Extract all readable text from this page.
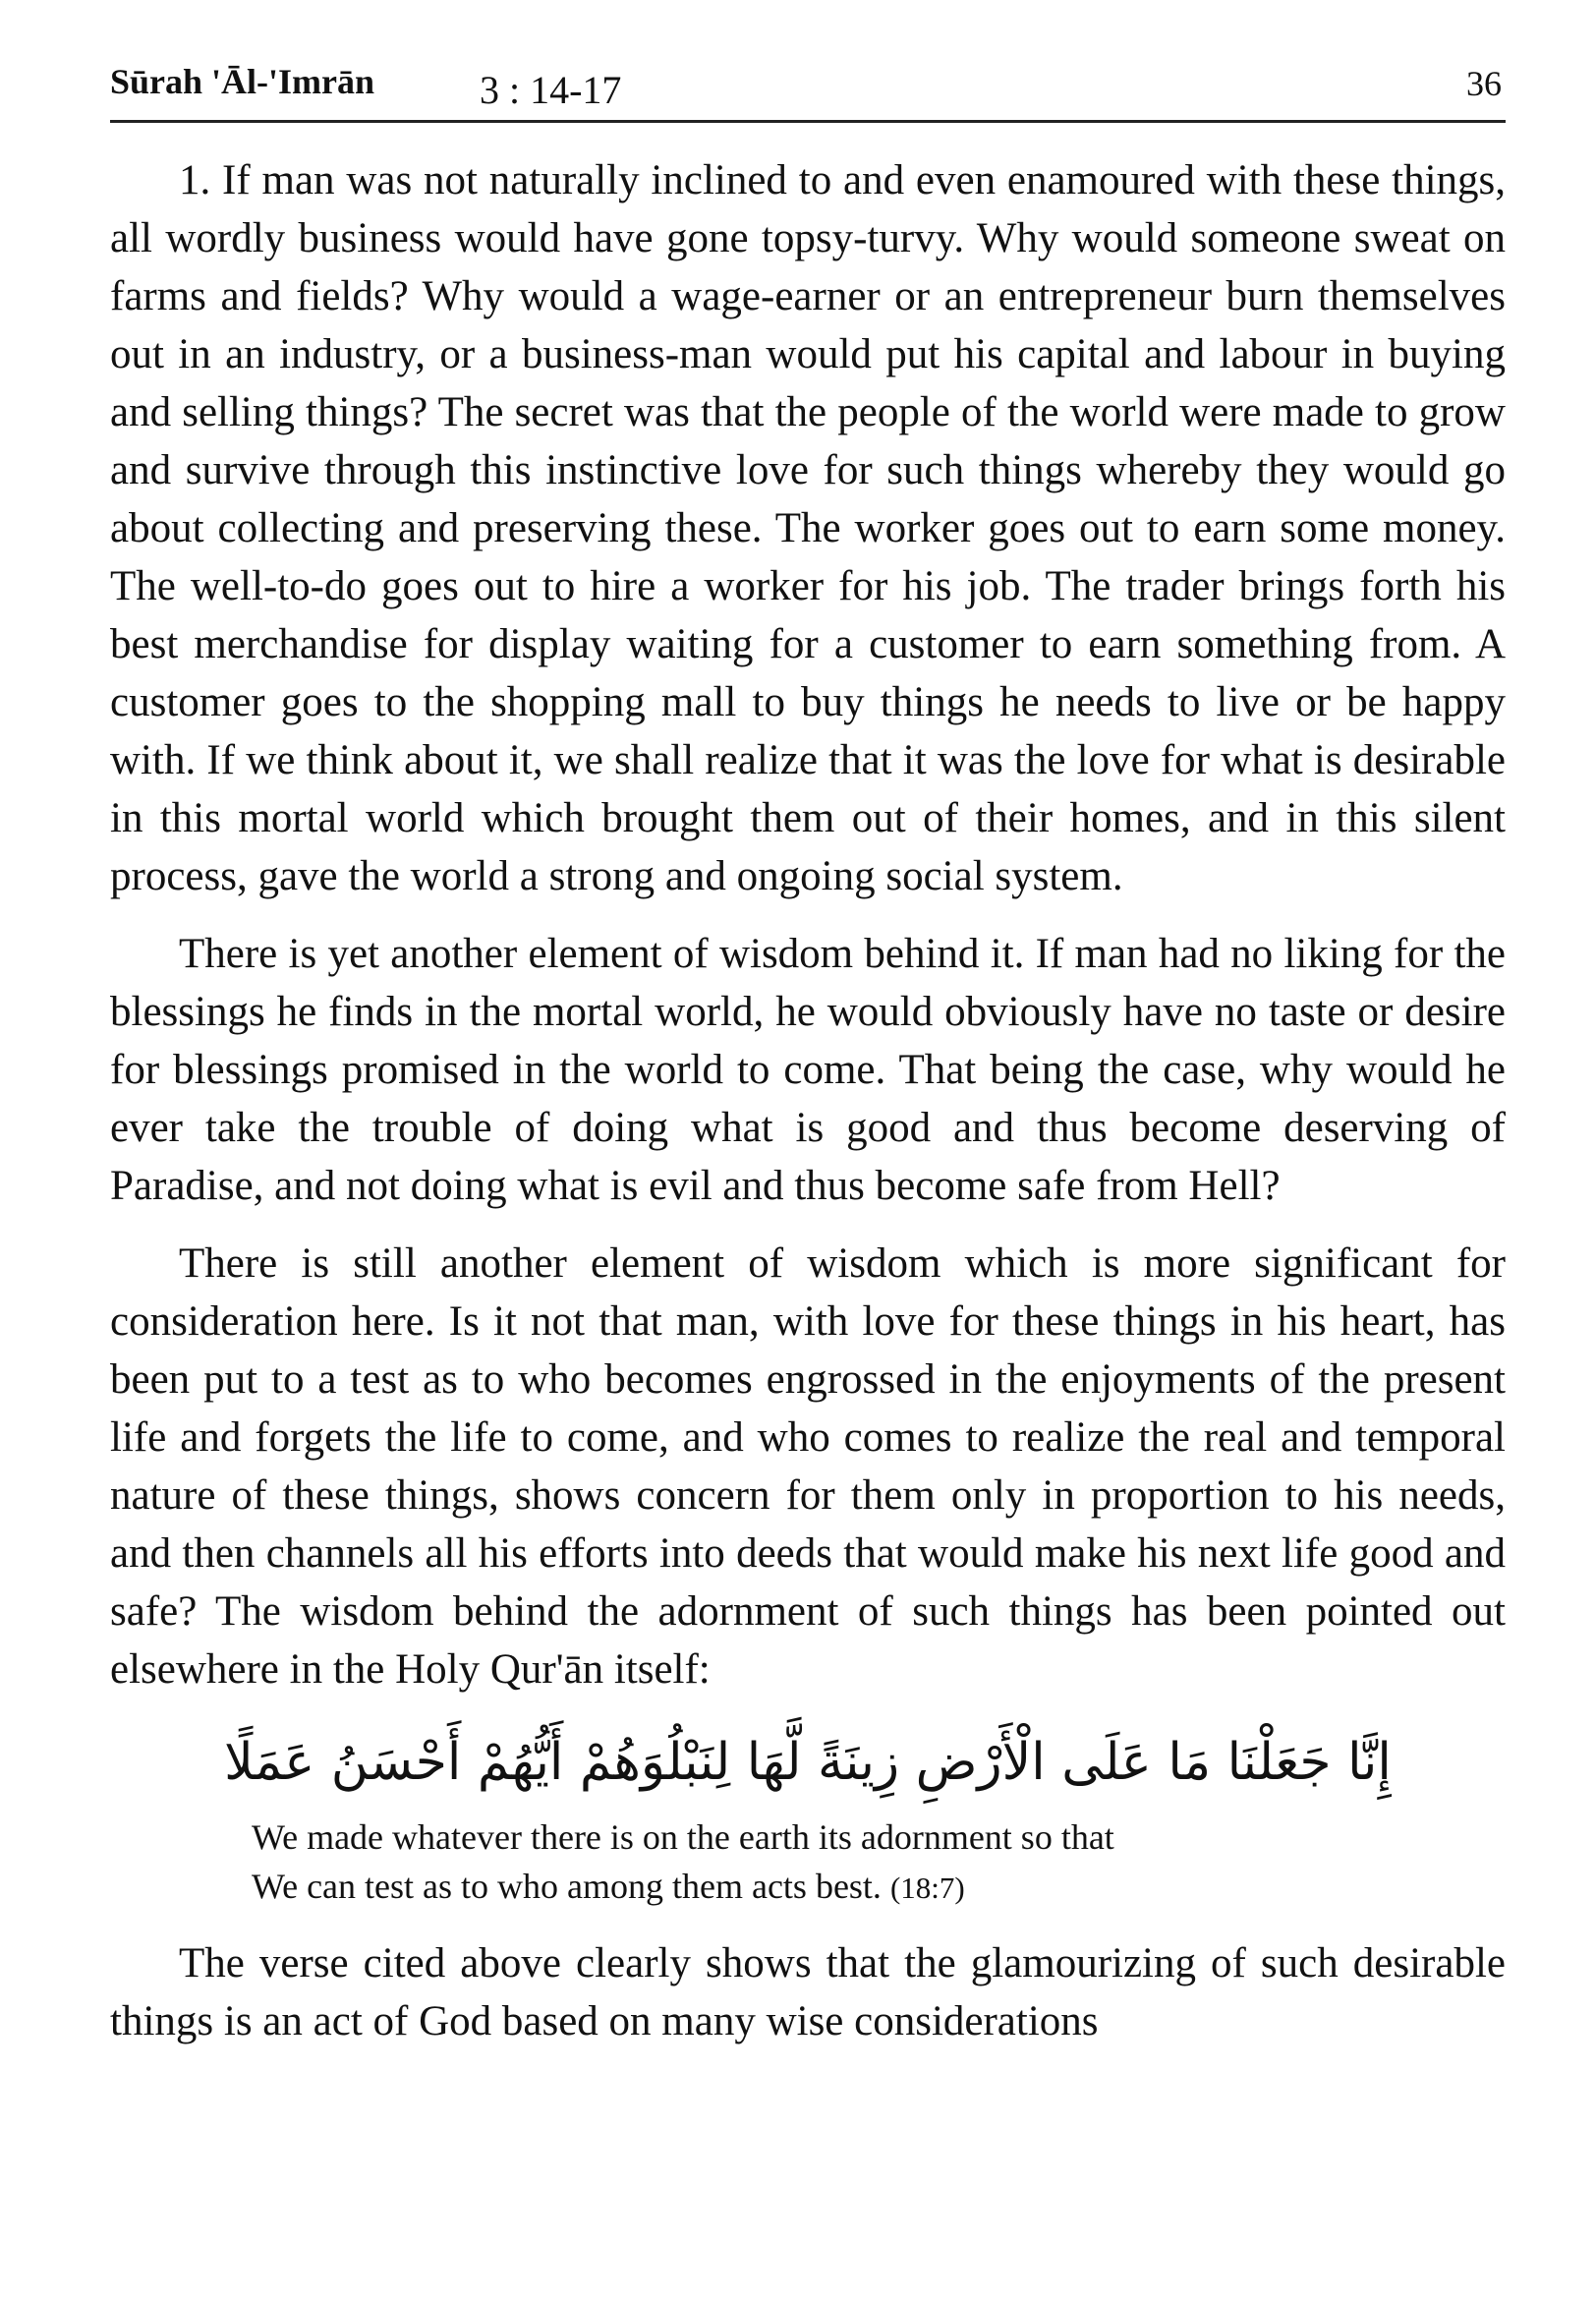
Sūrah 'Āl-'Imrān	3 : 14-17	36

1. If man was not naturally inclined to and even enamoured with these things, all wordly business would have gone topsy-turvy. Why would someone sweat on farms and fields? Why would a wage-earner or an entrepreneur burn themselves out in an industry, or a business-man would put his capital and labour in buying and selling things? The secret was that the people of the world were made to grow and survive through this instinctive love for such things whereby they would go about collecting and preserving these. The worker goes out to earn some money. The well-to-do goes out to hire a worker for his job. The trader brings forth his best merchandise for display waiting for a customer to earn something from. A customer goes to the shopping mall to buy things he needs to live or be happy with. If we think about it, we shall realize that it was the love for what is desirable in this mortal world which brought them out of their homes, and in this silent process, gave the world a strong and ongoing social system.

There is yet another element of wisdom behind it. If man had no liking for the blessings he finds in the mortal world, he would obviously have no taste or desire for blessings promised in the world to come. That being the case, why would he ever take the trouble of doing what is good and thus become deserving of Paradise, and not doing what is evil and thus become safe from Hell?

There is still another element of wisdom which is more significant for consideration here. Is it not that man, with love for these things in his heart, has been put to a test as to who becomes engrossed in the enjoyments of the present life and forgets the life to come, and who comes to realize the real and temporal nature of these things, shows concern for them only in proportion to his needs, and then channels all his efforts into deeds that would make his next life good and safe? The wisdom behind the adornment of such things has been pointed out elsewhere in the Holy Qur'ān itself:

إِنَّا جَعَلْنَا مَا عَلَى الْأَرْضِ زِينَةً لَّهَا لِنَبْلُوَهُمْ أَيُّهُمْ أَحْسَنُ عَمَلًا
We made whatever there is on the earth its adornment so that
We can test as to who among them acts best. (18:7)

The verse cited above clearly shows that the glamourizing of such desirable things is an act of God based on many wise considerations
